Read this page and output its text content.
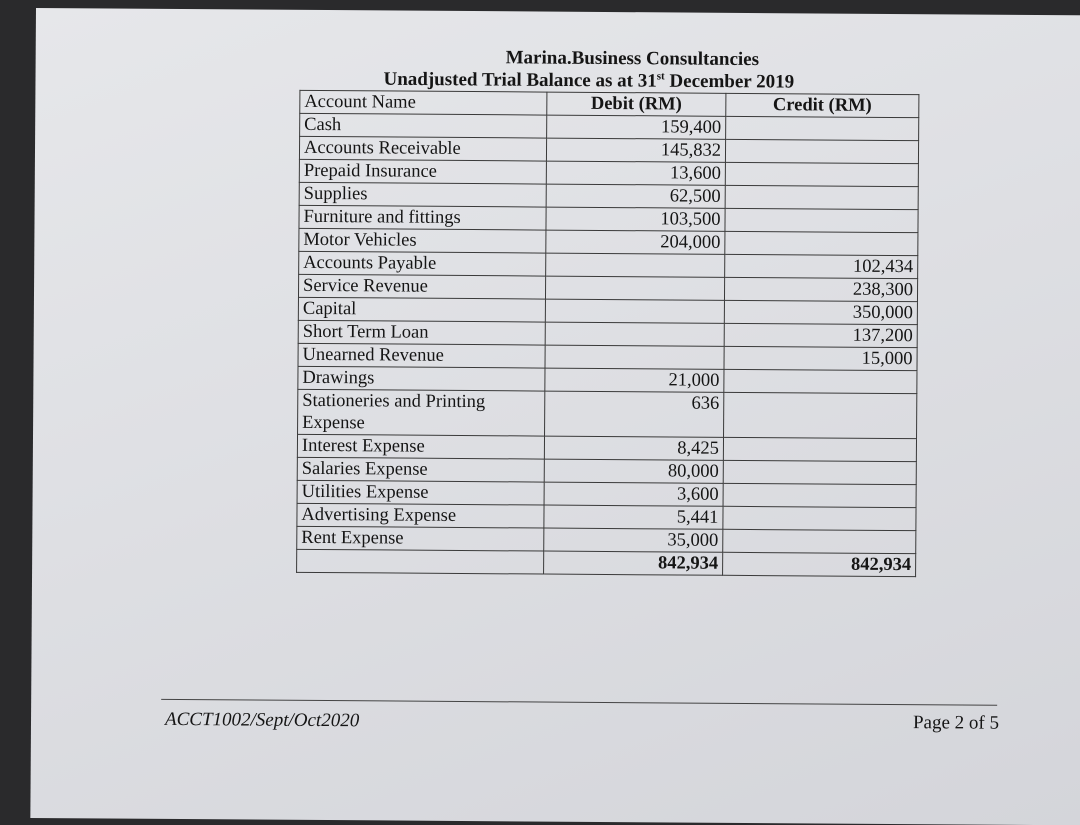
Marina.Business Consultancies
Unadjusted Trial Balance as at 31st December 2019
Account Name	Debit (RM)	Credit (RM)
Cash	159,400	
Accounts Receivable	145,832	
Prepaid Insurance	13,600	
Supplies	62,500	
Furniture and fittings	103,500	
Motor Vehicles	204,000	
Accounts Payable		102,434
Service Revenue		238,300
Capital		350,000
Short Term Loan		137,200
Unearned Revenue		15,000
Drawings	21,000	
Stationeries and Printing Expense	636	
Interest Expense	8,425	
Salaries Expense	80,000	
Utilities Expense	3,600	
Advertising Expense	5,441	
Rent Expense	35,000	
	842,934	842,934
ACCT1002/Sept/Oct2020	Page 2 of 5
